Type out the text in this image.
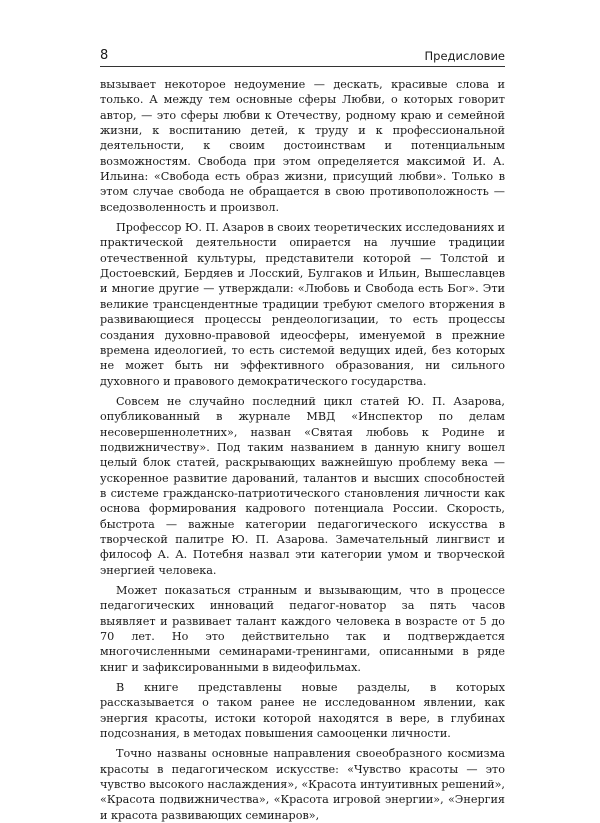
8	Предисловие

вызывает некоторое недоумение — дескать, красивые слова и только. А между тем основные сферы Любви, о которых говорит автор, — это сферы любви к Отечеству, родному краю и семейной жизни, к воспитанию детей, к труду и к профессиональной деятельности, к своим достоинствам и потенциальным возможностям. Свобода при этом определяется максимой И. А. Ильина: «Свобода есть образ жизни, присущий любви». Только в этом случае свобода не обращается в свою противоположность — вседозволенность и произвол.

Профессор Ю. П. Азаров в своих теоретических исследованиях и практической деятельности опирается на лучшие традиции отечественной культуры, представители которой — Толстой и Достоевский, Бердяев и Лосский, Булгаков и Ильин, Вышеславцев и многие другие — утверждали: «Любовь и Свобода есть Бог». Эти великие трансцендентные традиции требуют смелого вторжения в развивающиеся процессы рендеологизации, то есть процессы создания духовно-правовой идеосферы, именуемой в прежние времена идеологией, то есть системой ведущих идей, без которых не может быть ни эффективного образования, ни сильного духовного и правового демократического государства.

Совсем не случайно последний цикл статей Ю. П. Азарова, опубликованный в журнале МВД «Инспектор по делам несовершеннолетних», назван «Святая любовь к Родине и подвижничеству». Под таким названием в данную книгу вошел целый блок статей, раскрывающих важнейшую проблему века — ускоренное развитие дарований, талантов и высших способностей в системе гражданско-патриотического становления личности как основа формирования кадрового потенциала России. Скорость, быстрота — важные категории педагогического искусства в творческой палитре Ю. П. Азарова. Замечательный лингвист и философ А. А. Потебня назвал эти категории умом и творческой энергией человека.

Может показаться странным и вызывающим, что в процессе педагогических инноваций педагог-новатор за пять часов выявляет и развивает талант каждого человека в возрасте от 5 до 70 лет. Но это действительно так и подтверждается многочисленными семинарами-тренингами, описанными в ряде книг и зафиксированными в видеофильмах.

В книге представлены новые разделы, в которых рассказывается о таком ранее не исследованном явлении, как энергия красоты, истоки которой находятся в вере, в глубинах подсознания, в методах повышения самооценки личности.

Точно названы основные направления своеобразного космизма красоты в педагогическом искусстве: «Чувство красоты — это чувство высокого наслаждения», «Красота интуитивных решений», «Красота подвижничества», «Красота игровой энергии», «Энергия и красота развивающих семинаров»,
